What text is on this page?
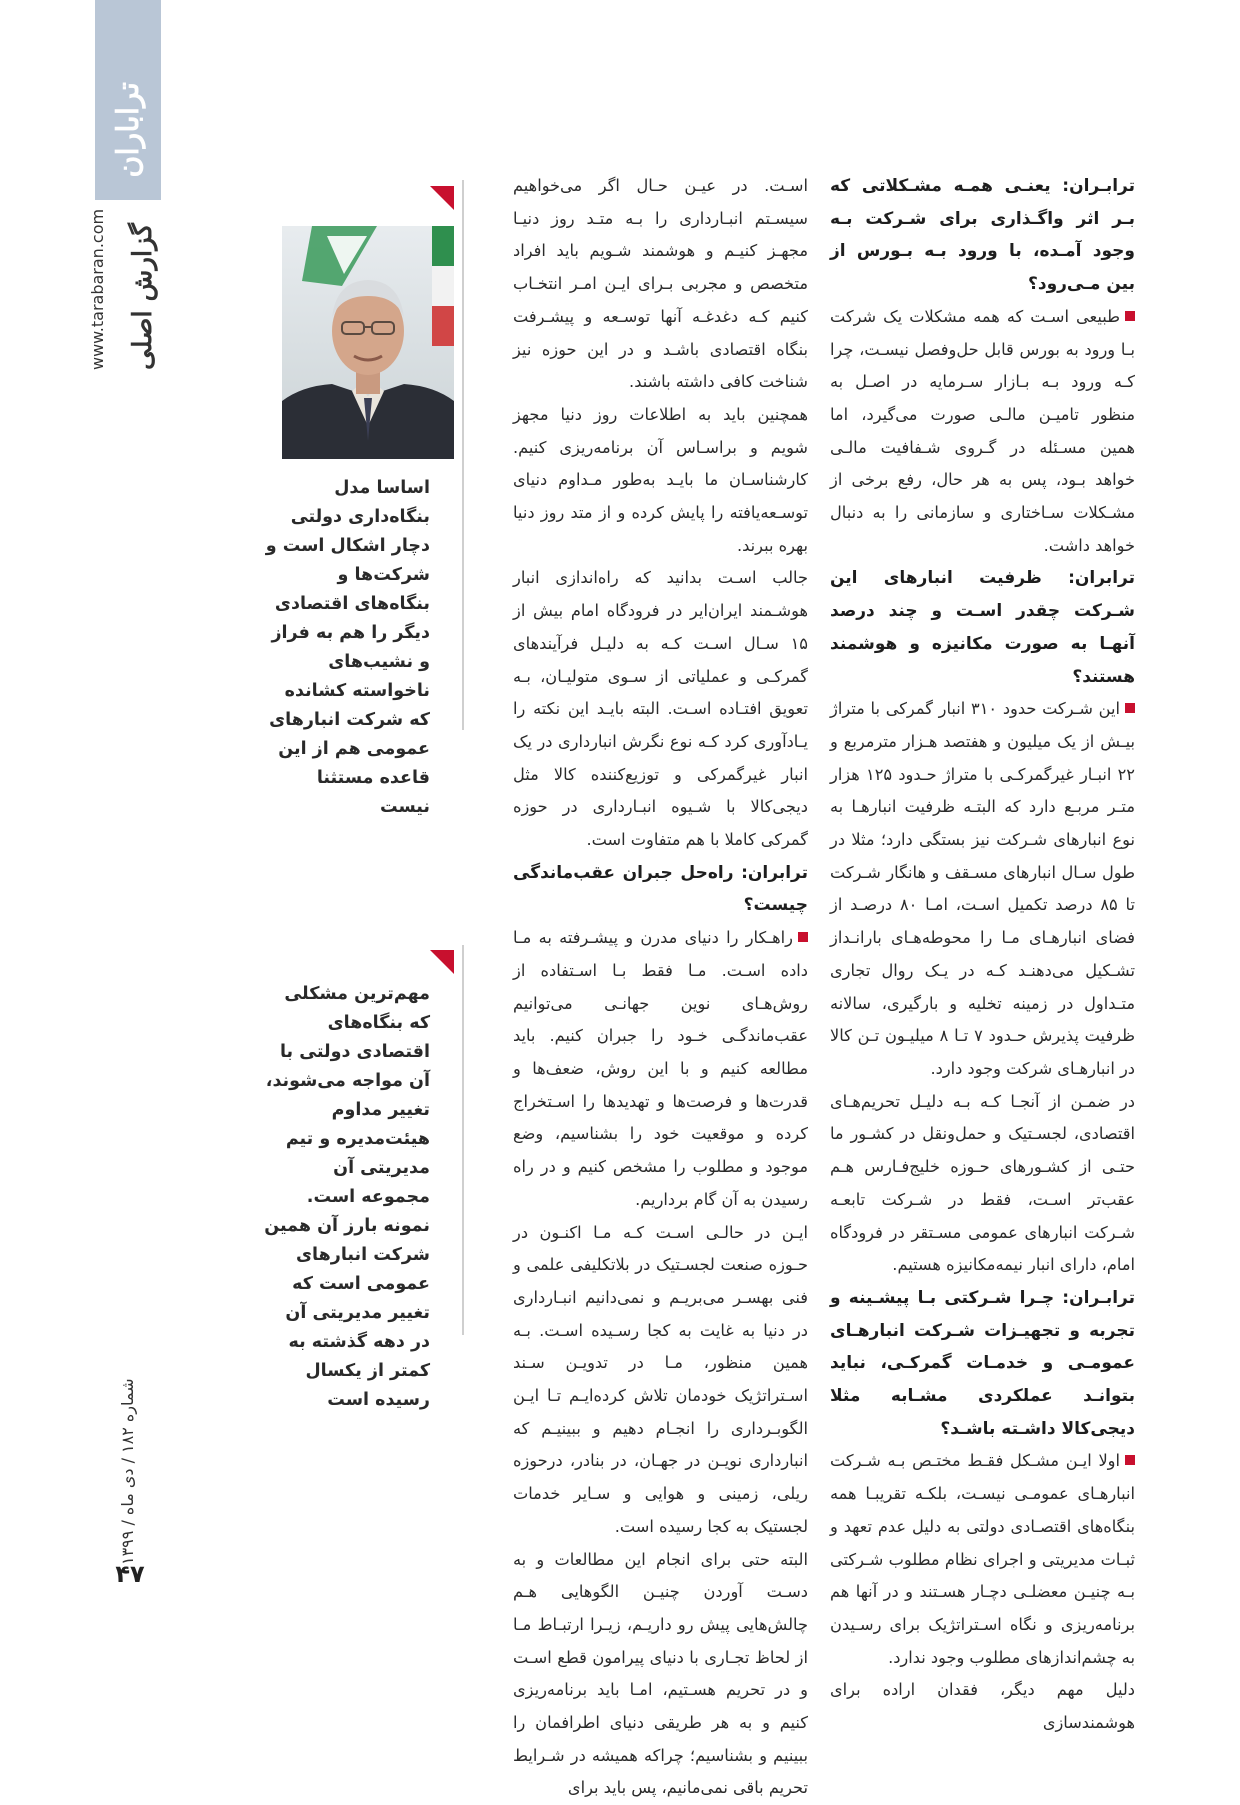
تراباران
www.tarabaran.com گزارش اصلی
شماره ۱۸۲ / دی ماه / ۱۳۹۹
۴۷

ترابـران: یعنـی همـه مشـکلاتی که بـر اثر واگـذاری برای شـرکت بـه وجود آمـده، با ورود بـه بـورس از بین مـی‌رود؟

طبیعی اسـت که همه مشکلات یک شرکت بـا ورود به بورس قابل حل‌وفصل نیسـت، چرا کـه ورود بـه بـازار سـرمایه در اصـل به منظور تامیـن مالـی صورت می‌گیرد، اما همین مسـئله در گـروی شـفافیت مالـی خواهد بـود، پس به هر حال، رفع برخی از مشـکلات سـاختاری و سازمانی را به دنبال خواهد داشت.

ترابران: ظرفیت انبارهای این شـرکت چقدر اسـت و چند درصد آنهـا به صورت مکانیزه و هوشمند هستند؟

این شـرکت حدود ۳۱۰ انبار گمرکی با متراژ بیـش از یک میلیون و هفتصد هـزار مترمربع و ۲۲ انبـار غیرگمرکـی با متراژ حـدود ۱۲۵ هزار متـر مربـع دارد که البتـه ظرفیت انبارهـا به نوع انبارهای شـرکت نیز بستگی دارد؛ مثلا در طول سـال انبارهای مسـقف و هانگار شـرکت تا ۸۵ درصد تکمیل اسـت، امـا ۸۰ درصـد از فضای انبارهـای مـا را محوطه‌هـای بارانـداز تشـکیل می‌دهنـد کـه در یـک روال تجاری متـداول در زمینه تخلیه و بارگیری، سالانه ظرفیت پذیرش حـدود ۷ تـا ۸ میلیـون تـن کالا در انبارهـای شرکت وجود دارد.

در ضمـن از آنجـا کـه بـه دلیـل تحریم‌هـای اقتصادی، لجسـتیک و حمل‌ونقل در کشـور ما حتـی از کشـورهای حـوزه خلیج‌فـارس هـم عقب‌تر اسـت، فقط در شـرکت تابعـه شـرکت انبارهای عمومی مسـتقر در فرودگاه امام، دارای انبار نیمه‌مکانیزه هستیم.

ترابـران: چـرا شـرکتی بـا پیشـینه و تجربه و تجهیـزات شـرکت انبارهـای عمومـی و خدمـات گمرکـی، نباید بتوانـد عملکردی مشـابه مثلا دیجی‌کالا داشـته باشـد؟

اولا ایـن مشـکل فقـط مختـص بـه شـرکت انبارهـای عمومـی نیسـت، بلکـه تقریبـا همه بنگاه‌های اقتصـادی دولتی به دلیل عدم تعهد و ثبـات مدیریتی و اجرای نظام مطلوب شـرکتی بـه چنیـن معضلـی دچـار هسـتند و در آنها هم برنامه‌ریزی و نگاه اسـتراتژیک برای رسـیدن به چشم‌اندازهای مطلوب وجود ندارد.

دلیل مهم دیگر، فقدان اراده برای هوشمندسازی

اسـت. در عیـن حـال اگر می‌خواهیم سیسـتم انبـارداری را بـه متـد روز دنیـا مجهـز کنیـم و هوشمند شـویم باید افراد متخصص و مجربی بـرای ایـن امـر انتخـاب کنیم کـه دغدغـه آنها توسـعه و پیشـرفت بنگاه اقتصادی باشـد و در این حوزه نیز شناخت کافی داشته باشند.

همچنین باید به اطلاعات روز دنیا مجهز شویم و براسـاس آن برنامه‌ریزی کنیم. کارشناسـان ما بایـد به‌طور مـداوم دنیای توسـعه‌یافته را پایش کرده و از متد روز دنیا بهره ببرند.

جالب اسـت بدانید که راه‌اندازی انبار هوشـمند ایران‌ایر در فرودگاه امام بیش از ۱۵ سـال اسـت کـه به دلیـل فرآیندهای گمرکـی و عملیاتی از سـوی متولیـان، بـه تعویق افتـاده اسـت. البته بایـد این نکته را یـادآوری کرد کـه نوع نگرش انبارداری در یک انبار غیرگمرکی و توزیع‌کننده کالا مثل دیجی‌کالا با شـیوه انبـارداری در حوزه گمرکی کاملا با هم متفاوت است.

ترابران: راه‌حل جبران عقب‌ماندگی چیست؟

راهـکار را دنیای مدرن و پیشـرفته به مـا داده اسـت. مـا فقط بـا اسـتفاده از روش‌هـای نوین جهانـی می‌توانیم عقب‌ماندگـی خـود را جبران کنیم. باید مطالعه کنیم و با این روش، ضعف‌ها و قدرت‌ها و فرصت‌ها و تهدیدها را اسـتخراج کرده و موقعیت خود را بشناسیم، وضع موجود و مطلوب را مشخص کنیم و در راه رسیدن به آن گام برداریم.

ایـن در حالـی اسـت کـه مـا اکنـون در حـوزه صنعت لجسـتیک در بلاتکلیفی علمی و فنی بهسـر می‌بریـم و نمی‌دانیم انبـارداری در دنیا به غایت به کجا رسـیده اسـت. بـه همین منظور، مـا در تدویـن سـند اسـتراتژیک خودمان تلاش کرده‌ایـم تـا ایـن الگوبـرداری را انجـام دهیم و ببینیـم که انبارداری نویـن در جهـان، در بنادر، درحوزه ریلی، زمینی و هوایی و سـایر خدمات لجستیک به کجا رسیده است.

البته حتی برای انجام این مطالعات و به دسـت آوردن چنیـن الگوهایی هـم چالش‌هایی پیش رو داریـم، زیـرا ارتبـاط مـا از لحاظ تجـاری با دنیای پیرامون قطع اسـت و در تحریم هسـتیم، امـا باید برنامه‌ریزی کنیم و به هر طریقی دنیای اطرافمان را ببینیم و بشناسیم؛ چراکه همیشه در شـرایط تحریم باقی نمی‌مانیم، پس باید برای

اساسا مدل بنگاه‌داری دولتی دچار اشکال است و شرکت‌ها و بنگاه‌های اقتصادی دیگر را هم به فراز و نشیب‌های ناخواسته کشانده که شرکت انبارهای عمومی هم از این قاعده مستثنا نیست
مهم‌ترین مشکلی که بنگاه‌های اقتصادی دولتی با آن مواجه می‌شوند، تغییر مداوم هیئت‌مدیره و تیم مدیریتی آن مجموعه است. نمونه بارز آن همین شرکت انبارهای عمومی است که تغییر مدیریتی آن در دهه گذشته به کمتر از یکسال رسیده است
